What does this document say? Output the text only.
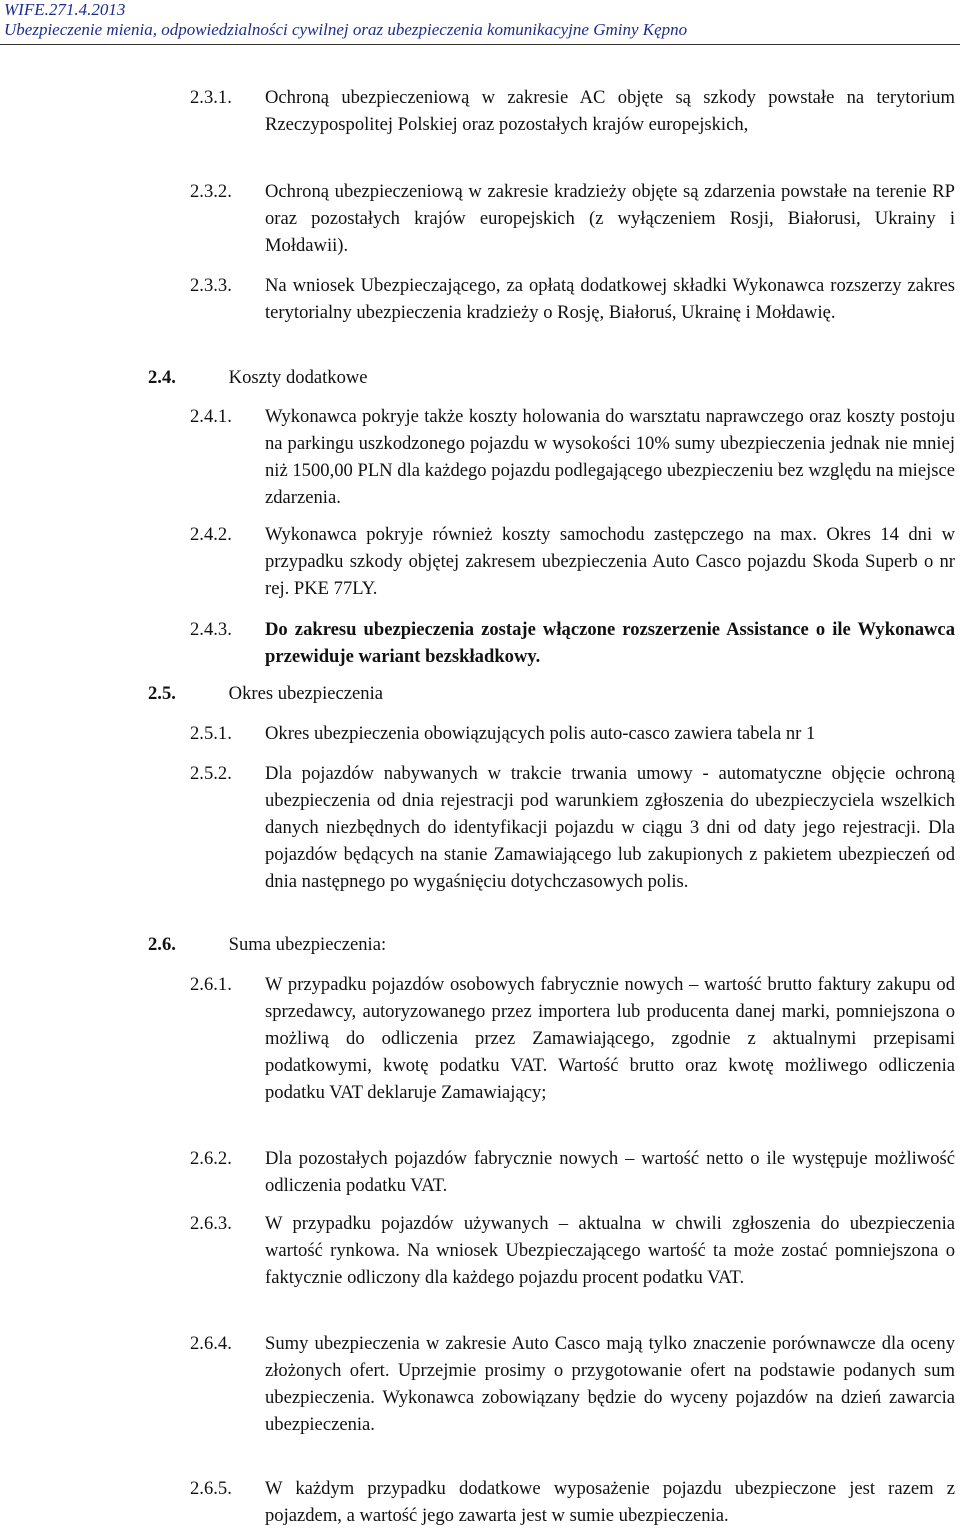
WIFE.271.4.2013
Ubezpieczenie mienia, odpowiedzialności cywilnej oraz ubezpieczenia komunikacyjne Gminy Kępno
2.3.1. Ochroną ubezpieczeniową w zakresie AC objęte są szkody powstałe na terytorium Rzeczypospolitej Polskiej oraz pozostałych krajów europejskich,
2.3.2. Ochroną ubezpieczeniową w zakresie kradzieży objęte są zdarzenia powstałe na terenie RP oraz pozostałych krajów europejskich (z wyłączeniem Rosji, Białorusi, Ukrainy i Mołdawii).
2.3.3. Na wniosek Ubezpieczającego, za opłatą dodatkowej składki Wykonawca rozszerzy zakres terytorialny ubezpieczenia kradzieży o Rosję, Białoruś, Ukrainę i Mołdawię.
2.4.	Koszty dodatkowe
2.4.1. Wykonawca pokryje także koszty holowania do warsztatu naprawczego oraz koszty postoju na parkingu uszkodzonego pojazdu w wysokości 10% sumy ubezpieczenia jednak nie mniej niż 1500,00 PLN dla każdego pojazdu podlegającego ubezpieczeniu bez względu na miejsce zdarzenia.
2.4.2. Wykonawca pokryje również koszty samochodu zastępczego na max. Okres 14 dni w przypadku szkody objętej zakresem ubezpieczenia Auto Casco pojazdu Skoda Superb o nr rej. PKE 77LY.
2.4.3. Do zakresu ubezpieczenia zostaje włączone rozszerzenie Assistance o ile Wykonawca przewiduje wariant bezskładkowy.
2.5.	Okres ubezpieczenia
2.5.1. Okres ubezpieczenia obowiązujących polis auto-casco zawiera tabela nr 1
2.5.2. Dla pojazdów nabywanych w trakcie trwania umowy - automatyczne objęcie ochroną ubezpieczenia od dnia rejestracji pod warunkiem zgłoszenia do ubezpieczyciela wszelkich danych niezbędnych do identyfikacji pojazdu w ciągu 3 dni od daty jego rejestracji. Dla pojazdów będących na stanie Zamawiającego lub zakupionych z pakietem ubezpieczeń od dnia następnego po wygaśnięciu dotychczasowych polis.
2.6.	Suma ubezpieczenia:
2.6.1. W przypadku pojazdów osobowych fabrycznie nowych – wartość brutto faktury zakupu od sprzedawcy, autoryzowanego przez importera lub producenta danej marki, pomniejszona o możliwą do odliczenia przez Zamawiającego, zgodnie z aktualnymi przepisami podatkowymi, kwotę podatku VAT. Wartość brutto oraz kwotę możliwego odliczenia podatku VAT deklaruje Zamawiający;
2.6.2. Dla pozostałych pojazdów fabrycznie nowych – wartość netto o ile występuje możliwość odliczenia podatku VAT.
2.6.3. W przypadku pojazdów używanych – aktualna w chwili zgłoszenia do ubezpieczenia wartość rynkowa. Na wniosek Ubezpieczającego wartość ta może zostać pomniejszona o faktycznie odliczony dla każdego pojazdu procent podatku VAT.
2.6.4. Sumy ubezpieczenia w zakresie Auto Casco mają tylko znaczenie porównawcze dla oceny złożonych ofert. Uprzejmie prosimy o przygotowanie ofert na podstawie podanych sum ubezpieczenia. Wykonawca zobowiązany będzie do wyceny pojazdów na dzień zawarcia ubezpieczenia.
2.6.5. W każdym przypadku dodatkowe wyposażenie pojazdu ubezpieczone jest razem z pojazdem, a wartość jego zawarta jest w sumie ubezpieczenia.
